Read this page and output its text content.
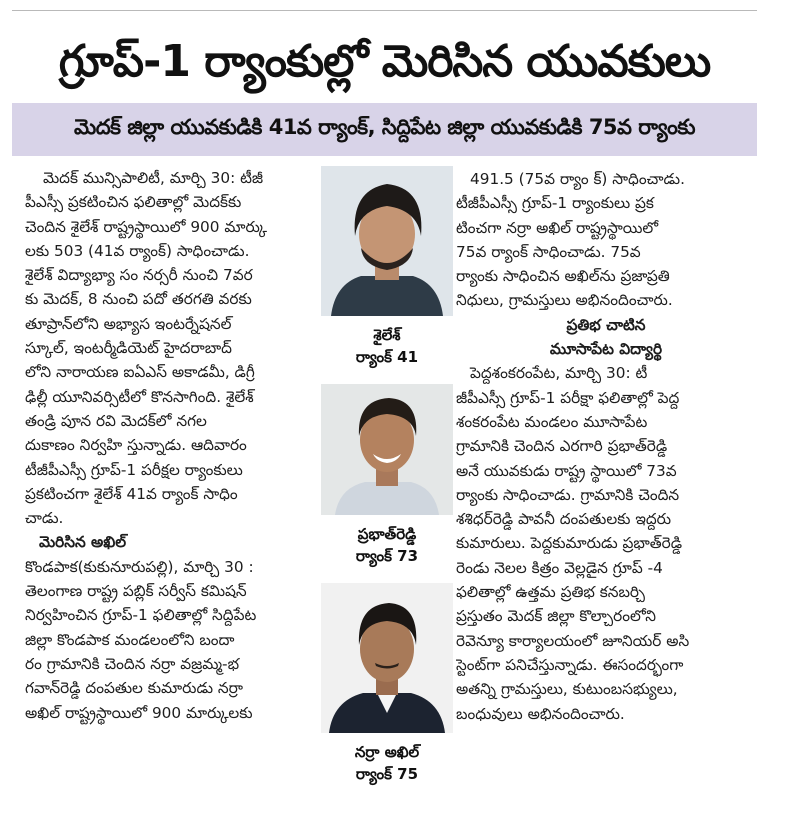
గ్రూప్-1 ర్యాంకుల్లో మెరిసిన యువకులు
మెదక్ జిల్లా యువకుడికి 41వ ర్యాంక్, సిద్దిపేట జిల్లా యువకుడికి 75వ ర్యాంకు
మెదక్ మున్సిపాలిటీ, మార్చి 30: టీజీ
పీఎస్సీ ప్రకటించిన ఫలితాల్లో మెదక్‌కు
చెందిన శైలేశ్ రాష్ట్రస్థాయిలో 900 మార్కు
లకు 503 (41వ ర్యాంక్) సాధించాడు.
శైలేశ్ విద్యాభ్యా సం నర్సరీ నుంచి 7వర
కు మెదక్, 8 నుంచి పదో తరగతి వరకు
తూప్రాన్‌లోని అభ్యాస ఇంటర్నేషనల్
స్కూల్, ఇంటర్మీడియెట్ హైదరాబాద్
లోని నారాయణ ఐఏఎస్ అకాడమీ, డిగ్రీ
ఢిల్లీ యూనివర్సిటీలో కొనసాగింది. శైలేశ్
తండ్రి పూన రవి మెదక్‌లో నగల
దుకాణం నిర్వహి స్తున్నాడు. ఆదివారం
టీజీపీఎస్సీ గ్రూప్-1 పరీక్షల ర్యాంకులు
ప్రకటించగా శైలేశ్ 41వ ర్యాంక్ సాధిం
చాడు.
మెరిసిన అఖిల్
కొండపాక(కుకునూరుపల్లి), మార్చి 30 :
తెలంగాణ రాష్ట్ర పబ్లిక్ సర్వీస్ కమిషన్
నిర్వహించిన గ్రూప్-1 ఫలితాల్లో సిద్దిపేట
జిల్లా కొండపాక మండలంలోని బందా
రం గ్రామానికి చెందిన నర్రా వజ్రమ్మ-భ
గవాన్‌రెడ్డి దంపతుల కుమారుడు నర్రా
అఖిల్ రాష్ట్రస్థాయిలో 900 మార్కులకు
శైలేశ్
ర్యాంక్ 41
ప్రభాత్‌రెడ్డి
ర్యాంక్ 73
నర్రా అఖిల్
ర్యాంక్ 75
491.5 (75వ ర్యాం క్) సాధించాడు.
టీజీపీఎస్సీ గ్రూప్-1 ర్యాంకులు ప్రక
టించగా నర్రా అఖిల్ రాష్ట్రస్థాయిలో
75వ ర్యాంక్ సాధించాడు. 75వ
ర్యాంకు సాధించిన అఖిల్‌ను ప్రజాప్రతి
నిధులు, గ్రామస్తులు అభినందించారు.
ప్రతిభ చాటిన
మూసాపేట విద్యార్థి
పెద్దశంకరంపేట, మార్చి 30: టీ
జీపీఎస్సీ గ్రూప్-1 పరీక్షా ఫలితాల్లో పెద్ద
శంకరంపేట మండలం మూసాపేట
గ్రామానికి చెందిన ఎరగారి ప్రభాత్‌రెడ్డి
అనే యువకుడు రాష్ట్ర స్థాయిలో 73వ
ర్యాంకు సాధించాడు. గ్రామానికి చెందిన
శశిధర్‌రెడ్డి పావనీ దంపతులకు ఇద్దరు
కుమారులు. పెద్దకుమారుడు ప్రభాత్‌రెడ్డి
రెండు నెలల కిత్రం వెల్లడైన గ్రూప్ -4
ఫలితాల్లో ఉత్తమ ప్రతిభ కనబర్చి
ప్రస్తుతం మెదక్ జిల్లా కొల్చారంలోని
రెవెన్యూ కార్యాలయంలో జూనియర్ అసి
స్టెంట్‌గా పనిచేస్తున్నాడు. ఈసందర్భంగా
అతన్ని గ్రామస్తులు, కుటుంబసభ్యులు,
బంధువులు అభినందించారు.
